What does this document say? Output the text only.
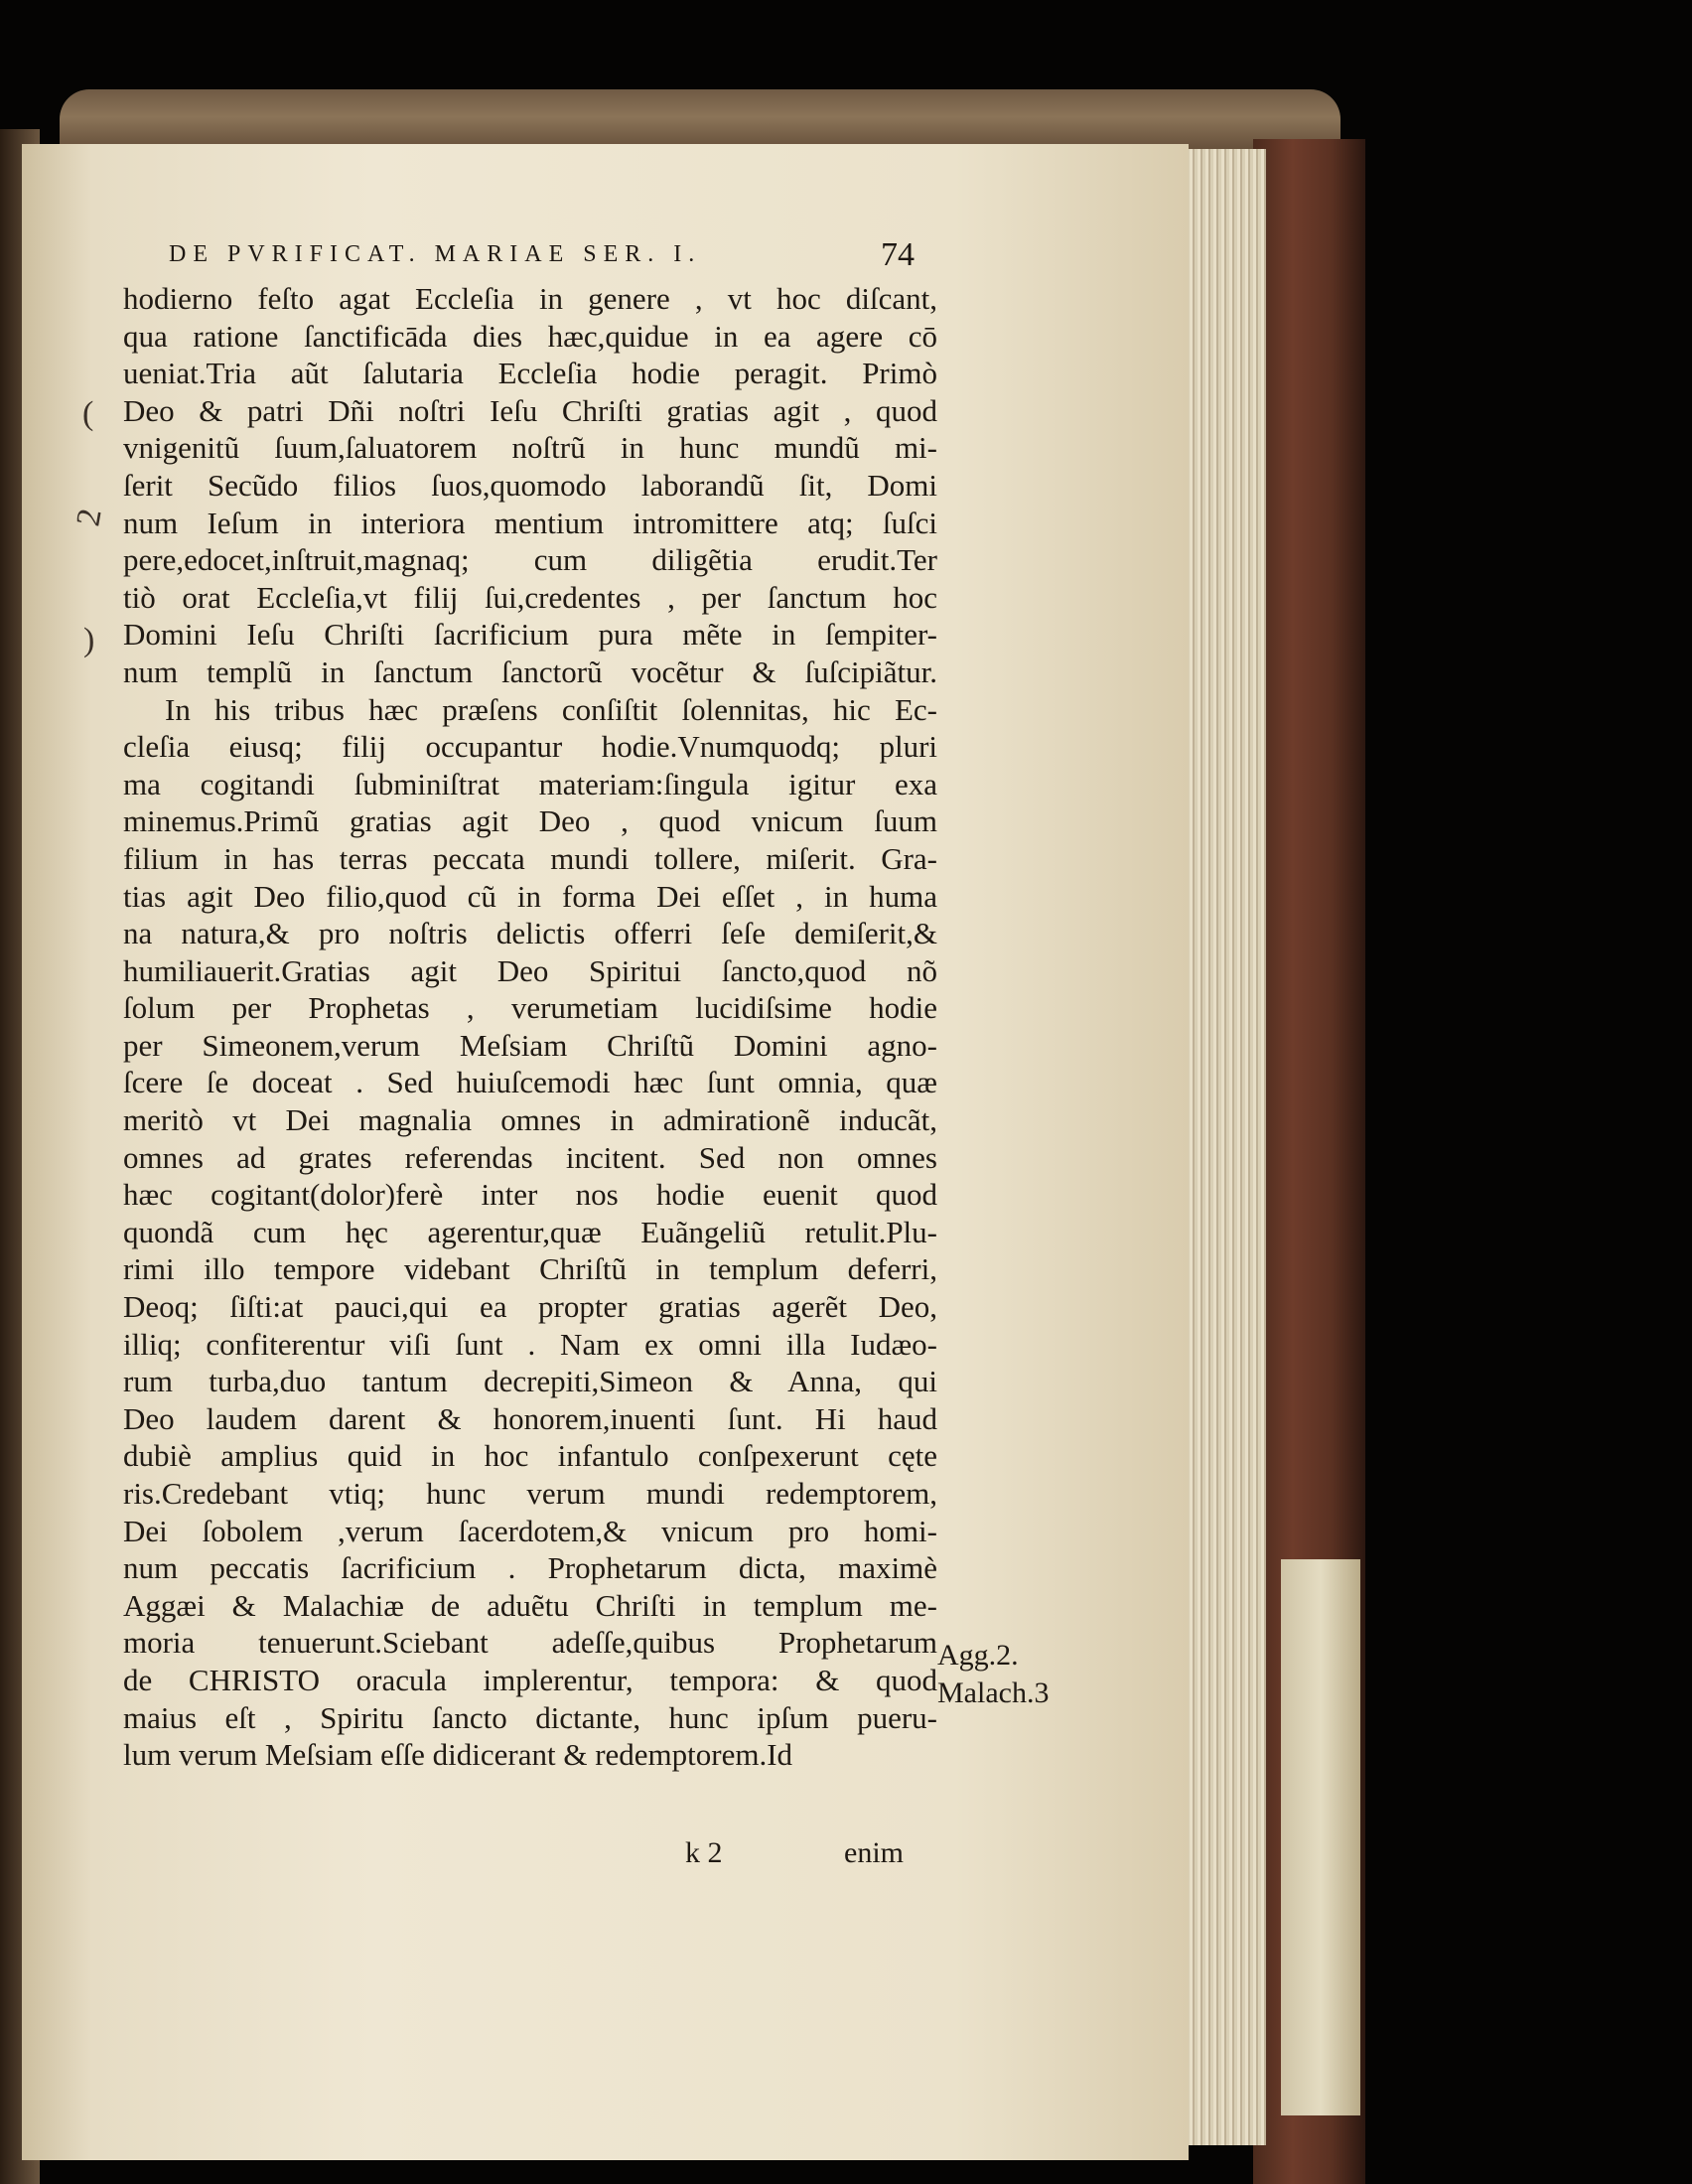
DE PVRIFICAT. MARIAE SER. I.	74
hodierno feſto agat Eccleſia in genere , vt hoc diſcant,
qua ratione ſanctificāda dies hæc,quidue in ea agere cō
ueniat.Tria aũt ſalutaria Eccleſia hodie peragit. Primò
Deo & patri Dñi noſtri Ieſu Chriſti gratias agit , quod
vnigenitũ ſuum,ſaluatorem noſtrũ in hunc mundũ mi-
ſerit Secũdo filios ſuos,quomodo laborandũ ſit, Domi
num Ieſum in interiora mentium intromittere atq; ſuſci
pere,edocet,inſtruit,magnaq; cum diligẽtia erudit.Ter
tiò orat Eccleſia,vt filij ſui,credentes , per ſanctum hoc
Domini Ieſu Chriſti ſacrificium pura mẽte in ſempiter-
num templũ in ſanctum ſanctorũ vocẽtur & ſuſcipiãtur.
In his tribus hæc præſens conſiſtit ſolennitas, hic Ec-
cleſia eiusq; filij occupantur hodie.Vnumquodq; pluri
ma cogitandi ſubminiſtrat materiam:ſingula igitur exa
minemus.Primũ gratias agit Deo , quod vnicum ſuum
filium in has terras peccata mundi tollere, miſerit. Gra-
tias agit Deo filio,quod cũ in forma Dei eſſet , in huma
na natura,& pro noſtris delictis offerri ſeſe demiſerit,&
humiliauerit.Gratias agit Deo Spiritui ſancto,quod nõ
ſolum per Prophetas , verumetiam lucidiſsime hodie
per Simeonem,verum Meſsiam Chriſtũ Domini agno-
ſcere ſe doceat . Sed huiuſcemodi hæc ſunt omnia, quæ
meritò vt Dei magnalia omnes in admirationẽ inducãt,
omnes ad grates referendas incitent. Sed non omnes
hæc cogitant(dolor)ferè inter nos hodie euenit quod
quondã cum hęc agerentur,quæ Euãngeliũ retulit.Plu-
rimi illo tempore videbant Chriſtũ in templum deferri,
Deoq; ſiſti:at pauci,qui ea propter gratias agerẽt Deo,
illiq; confiterentur viſi ſunt . Nam ex omni illa Iudæo-
rum turba,duo tantum decrepiti,Simeon & Anna, qui
Deo laudem darent & honorem,inuenti ſunt. Hi haud
dubiè amplius quid in hoc infantulo conſpexerunt cęte
ris.Credebant vtiq; hunc verum mundi redemptorem,
Dei ſobolem ,verum ſacerdotem,& vnicum pro homi-
num peccatis ſacrificium . Prophetarum dicta, maximè
Aggæi & Malachiæ de aduẽtu Chriſti in templum me-
moria tenuerunt.Sciebant adeſſe,quibus Prophetarum
de CHRISTO oracula implerentur, tempora: & quod
maius eſt , Spiritu ſancto dictante, hunc ipſum pueru-
lum verum Meſsiam eſſe didicerant & redemptorem.Id
Agg.2.
Malach.3
k 2	enim
(
2
)
